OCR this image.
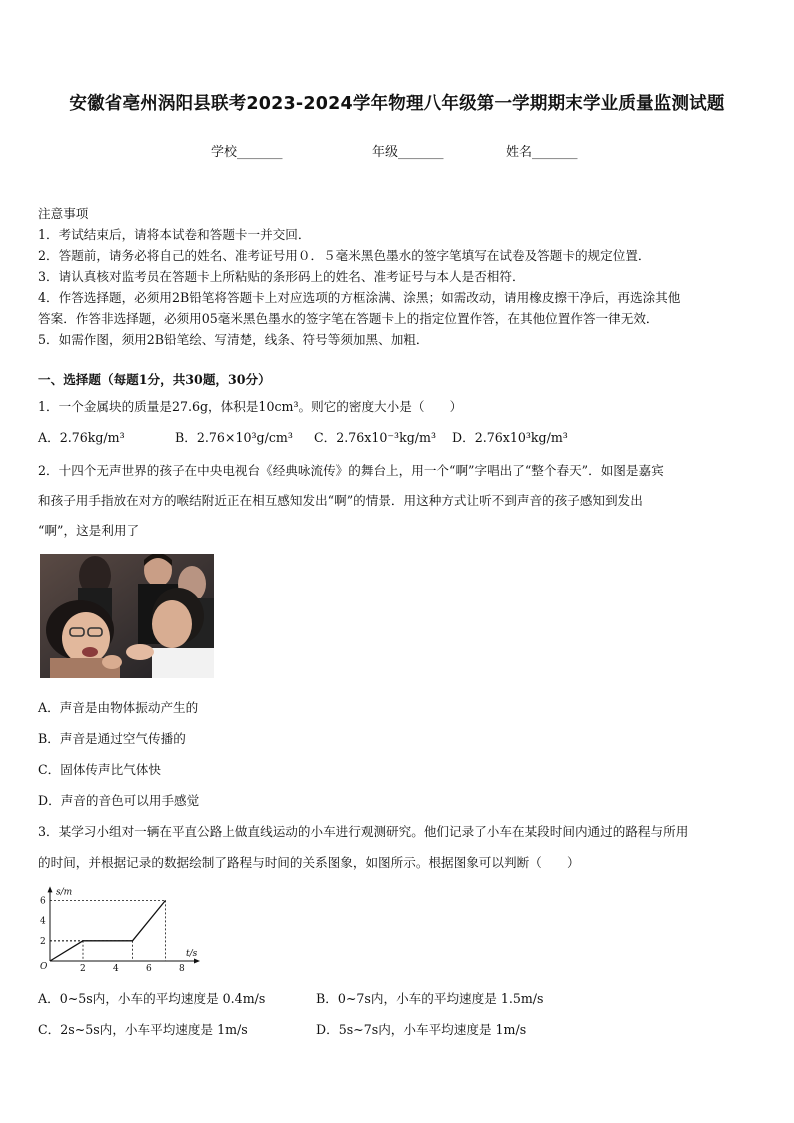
安徽省亳州涡阳县联考2023-2024学年物理八年级第一学期期末学业质量监测试题
学校_______	年级_______	姓名_______
注意事项
1．考试结束后，请将本试卷和答题卡一并交回．
2．答题前，请务必将自己的姓名、准考证号用０．５毫米黑色墨水的签字笔填写在试卷及答题卡的规定位置．
3．请认真核对监考员在答题卡上所粘贴的条形码上的姓名、准考证号与本人是否相符．
4．作答选择题，必须用2B铅笔将答题卡上对应选项的方框涂满、涂黑；如需改动，请用橡皮擦干净后，再选涂其他
答案．作答非选择题，必须用05毫米黑色墨水的签字笔在答题卡上的指定位置作答，在其他位置作答一律无效．
5．如需作图，须用2B铅笔绘、写清楚，线条、符号等须加黑、加粗．
一、选择题（每题1分，共30题，30分）
1．一个金属块的质量是27.6g，体积是10cm³。则它的密度大小是（　　）
A．2.76kg/m³	B．2.76×10³g/cm³ C．2.76x10⁻³kg/m³ D．2.76x10³kg/m³
2．十四个无声世界的孩子在中央电视台《经典咏流传》的舞台上，用一个“啊”字唱出了“整个春天”．如图是嘉宾
和孩子用手指放在对方的喉结附近正在相互感知发出“啊”的情景．用这种方式让听不到声音的孩子感知到发出
“啊”，这是利用了
A．声音是由物体振动产生的
B．声音是通过空气传播的
C．固体传声比气体快
D．声音的音色可以用手感觉
3．某学习小组对一辆在平直公路上做直线运动的小车进行观测研究。他们记录了小车在某段时间内通过的路程与所用
的时间，并根据记录的数据绘制了路程与时间的关系图象，如图所示。根据图象可以判断（　　）
2	4	6	8
2
4
6
O
s/m
t/s
A．0~5s内，小车的平均速度是 0.4m/s	B．0~7s内，小车的平均速度是 1.5m/s
C．2s~5s内，小车平均速度是 1m/s	D．5s~7s内，小车平均速度是 1m/s
